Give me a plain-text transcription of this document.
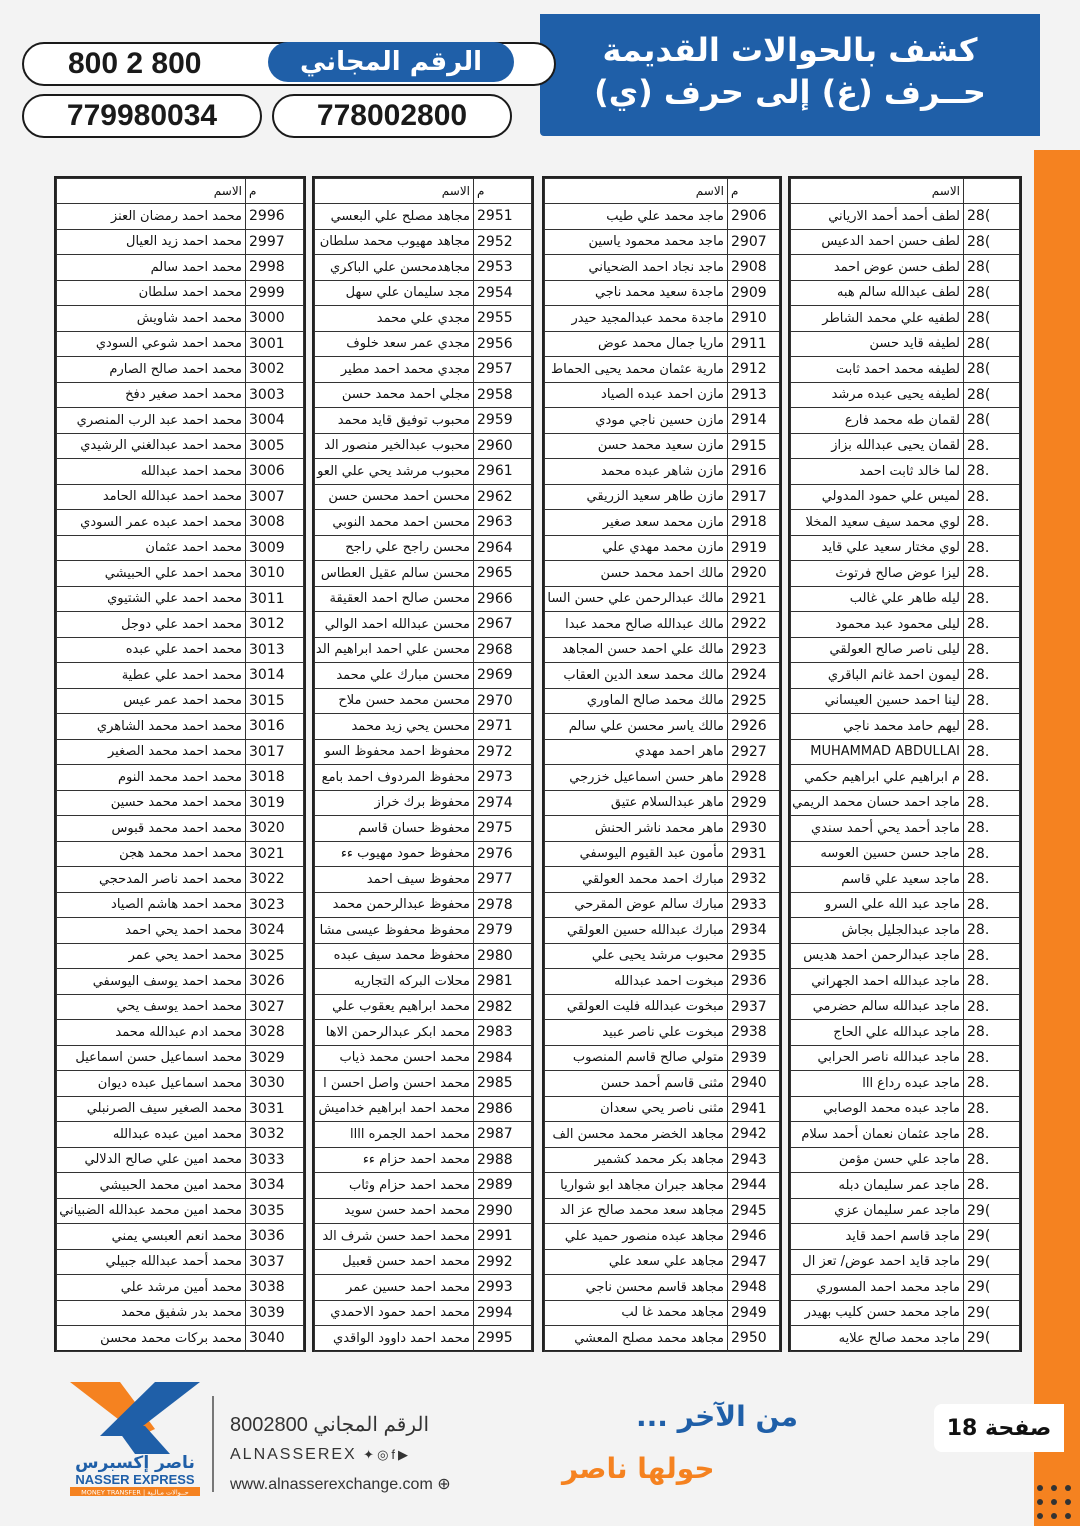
كشف بالحوالات القديمة
حــرف (غ) إلى حرف (ي)
800 2 800	الرقم المجاني
779980034	778002800
م	الاسم
2996	محمد احمد رمضان العنز
2997	محمد احمد زيد العيال
2998	محمد احمد سالم
2999	محمد احمد سلطان
3000	محمد احمد شاويش
3001	محمد احمد شوعي السودي
3002	محمد احمد صالح الصارم
3003	محمد احمد صغير دفخ
3004	محمد احمد عبد الرب المنصري
3005	محمد احمد عبدالغني الرشيدي
3006	محمد احمد عبدالله
3007	محمد احمد عبدالله الحامد
3008	محمد احمد عبده عمر السودي
3009	محمد احمد عثمان
3010	محمد احمد علي الحبيشي
3011	محمد احمد علي الشتيوي
3012	محمد احمد علي دوجل
3013	محمد احمد علي عبده
3014	محمد احمد علي عطية
3015	محمد احمد عمر عيس
3016	محمد احمد محمد الشاهري
3017	محمد احمد محمد الصغير
3018	محمد احمد محمد النوم
3019	محمد احمد محمد حسين
3020	محمد احمد محمد قبوس
3021	محمد احمد محمد هجن
3022	محمد احمد ناصر المدحجي
3023	محمد احمد هاشم الصياد
3024	محمد احمد يحي احمد
3025	محمد احمد يحي عمر
3026	محمد احمد يوسف اليوسفي
3027	محمد احمد يوسف يحي
3028	محمد ادم عبدالله محمد
3029	محمد اسماعيل حسن اسماعيل
3030	محمد اسماعيل عبده ديوان
3031	محمد الصغير سيف الصرنبلي
3032	محمد امين عبده عبدالله
3033	محمد امين علي صالح الدلالي
3034	محمد امين محمد الحبيشي
3035	محمد امين محمد عبدالله الضبياني
3036	محمد انعم العبسي يمني
3037	محمد أحمد عبدالله جبيلي
3038	محمد أمين مرشد علي
3039	محمد بدر شفيق محمد
3040	محمد بركات محمد محسن
م	الاسم
2951	مجاهد مصلح علي البعسي
2952	مجاهد مهيوب محمد سلطان
2953	مجاهدمحسن علي الباكري
2954	مجد سليمان علي سهل
2955	مجدي علي محمد
2956	مجدي عمر سعد خلوف
2957	مجدي محمد احمد مطير
2958	مجلي احمد محمد حسن
2959	محبوب توفيق قايد محمد
2960	محبوب عبدالخير منصور الد
2961	محبوب مرشد يحي علي العو
2962	محسن احمد محسن حسن
2963	محسن احمد محمد النوبي
2964	محسن راجح علي راجح
2965	محسن سالم عقيل العطاس
2966	محسن صالح احمد العقيقة
2967	محسن عبدالله احمد الوالي
2968	محسن علي احمد ابراهيم الد
2969	محسن مبارك علي محمد
2970	محسن محمد حسن ملاح
2971	محسن يحي زيد محمد
2972	محفوظ احمد محفوظ السو
2973	محفوظ المردوف احمد بامع
2974	محفوظ برك خراز
2975	محفوظ حسان قاسم
2976	محفوظ حمود مهيوب ءء
2977	محفوظ سيف احمد
2978	محفوظ عبدالرحمن محمد
2979	محفوظ محفوظ عيسى مشا
2980	محفوظ محمد سيف عبده
2981	محلات البركه التجاريه
2982	محمد ابراهيم يعقوب علي
2983	محمد ابكر عبدالرحمن الاها
2984	محمد احسن محمد ذياب
2985	محمد احسن واصل احسن ا
2986	محمد احمد ابراهيم خداميش
2987	محمد احمد الجمره اااا
2988	محمد احمد حزام ءء
2989	محمد احمد حزام وثاب
2990	محمد احمد حسن سويد
2991	محمد احمد حسن شرف الد
2992	محمد احمد حسن قعبيل
2993	محمد احمد حسين عمر
2994	محمد احمد حمود الاحمدي
2995	محمد احمد داوود الواقدي
م	الاسم
2906	ماجد محمد علي طيب
2907	ماجد محمد محمود ياسين
2908	ماجد نجاد احمد الضحياني
2909	ماجدة سعيد محمد ناجي
2910	ماجدة محمد عبدالمجيد حيدر
2911	ماريا جمال محمد عوض
2912	مارية عثمان محمد يحيى الحماط
2913	مازن احمد عبده الصياد
2914	مازن حسين ناجي مودي
2915	مازن سعيد محمد حسن
2916	مازن شاهر عبده محمد
2917	مازن طاهر سعيد الزريقي
2918	مازن محمد سعد صغير
2919	مازن محمد مهدي علي
2920	مالك احمد محمد حسن
2921	مالك عبدالرحمن علي حسن السا
2922	مالك عبدالله صالح محمد عبدا
2923	مالك علي احمد حسن المجاهد
2924	مالك محمد سعد الدين العقاب
2925	مالك محمد صالح الماوري
2926	مالك ياسر محسن علي سالم
2927	ماهر احمد مهدي
2928	ماهر حسن اسماعيل خزرجي
2929	ماهر عبدالسلام عتيق
2930	ماهر محمد ناشر الحنش
2931	مأمون عبد القيوم اليوسفي
2932	مبارك احمد محمد العولقي
2933	مبارك سالم عوض المقرحي
2934	مبارك عبدالله حسين العولقي
2935	محبوب مرشد يحيى علي
2936	مبخوت احمد عبدالله
2937	مبخوت عبدالله فليت العولقي
2938	مبخوت علي ناصر عبيد
2939	متولي صالح قاسم المنصوب
2940	مثنى قاسم أحمد حسن
2941	مثنى ناصر يحي سعدان
2942	مجاهد الخضر محمد محسن الف
2943	مجاهد بكر محمد كشمير
2944	مجاهد جبران مجاهد ابو شواريا
2945	مجاهد سعد محمد صالح عز الد
2946	مجاهد عبده منصور حميد علي
2947	مجاهد علي سعد علي
2948	مجاهد قاسم محسن ناجي
2949	مجاهد محمد غا لب
2950	مجاهد محمد مصلح المعشي
	الاسم
28(	لطف أحمد أحمد الارياني
28(	لطف حسن احمد الدعيس
28(	لطف حسن عوض احمد
28(	لطف عبدالله سالم هبه
28(	لطفيه علي محمد الشاطر
28(	لطيفه قايد حسن
28(	لطيفه محمد احمد ثابت
28(	لطيفه يحيى عبده مرشد
28(	لقمان طه محمد فارع
28.	لقمان يحيى عبدالله بزاز
28.	لما خالد ثابت احمد
28.	لميس علي حمود المدولي
28.	لوي محمد سيف سعيد المخلا
28.	لوي مختار سعيد علي قايد
28.	ليزا عوض صالح فرتوث
28.	ليله طاهر علي غالب
28.	ليلى محمود عبد محمود
28.	ليلى ناصر صالح العولقي
28.	ليمون احمد غانم الباقري
28.	لينا احمد حسين العيساني
28.	ليهم حامد محمد ناجي
28.	MUHAMMAD ABDULLAI
28.	م ابراهيم علي ابراهيم حكمي
28.	ماجد احمد حسان محمد الريمي
28.	ماجد أحمد يحي أحمد سندي
28.	ماجد حسن حسين العوسه
28.	ماجد سعيد علي قاسم
28.	ماجد عبد الله علي السرو
28.	ماجد عبدالجليل بجاش
28.	ماجد عبدالرحمن احمد هديس
28.	ماجد عبدالله احمد الجهراني
28.	ماجد عبدالله سالم حضرمي
28.	ماجد عبدالله علي الحاج
28.	ماجد عبدالله ناصر الحرابي
28.	ماجد عبده رداع ااا
28.	ماجد عبده محمد الوصابي
28.	ماجد عثمان نعمان أحمد سلام
28.	ماجد علي حسن مؤمن
28.	ماجد عمر سليمان دبله
29(	ماجد عمر سليمان عزي
29(	ماجد قاسم احمد قايد
29(	ماجد قايد احمد عوض/ تعز ال
29(	ماجد محمد احمد المسوري
29(	ماجد محمد حسن كليب بهيدر
29(	ماجد محمد صالح علايه
ناصر إكسبرس
NASSER EXPRESS
MONEY TRANSFER | حــوالات مـالـية
الرقم المجاني 8002800
ALNASSEREX ✦◎f▶
www.alnasserexchange.com ⊕
من الآخر ...
حولها ناصر
صفحة 18
